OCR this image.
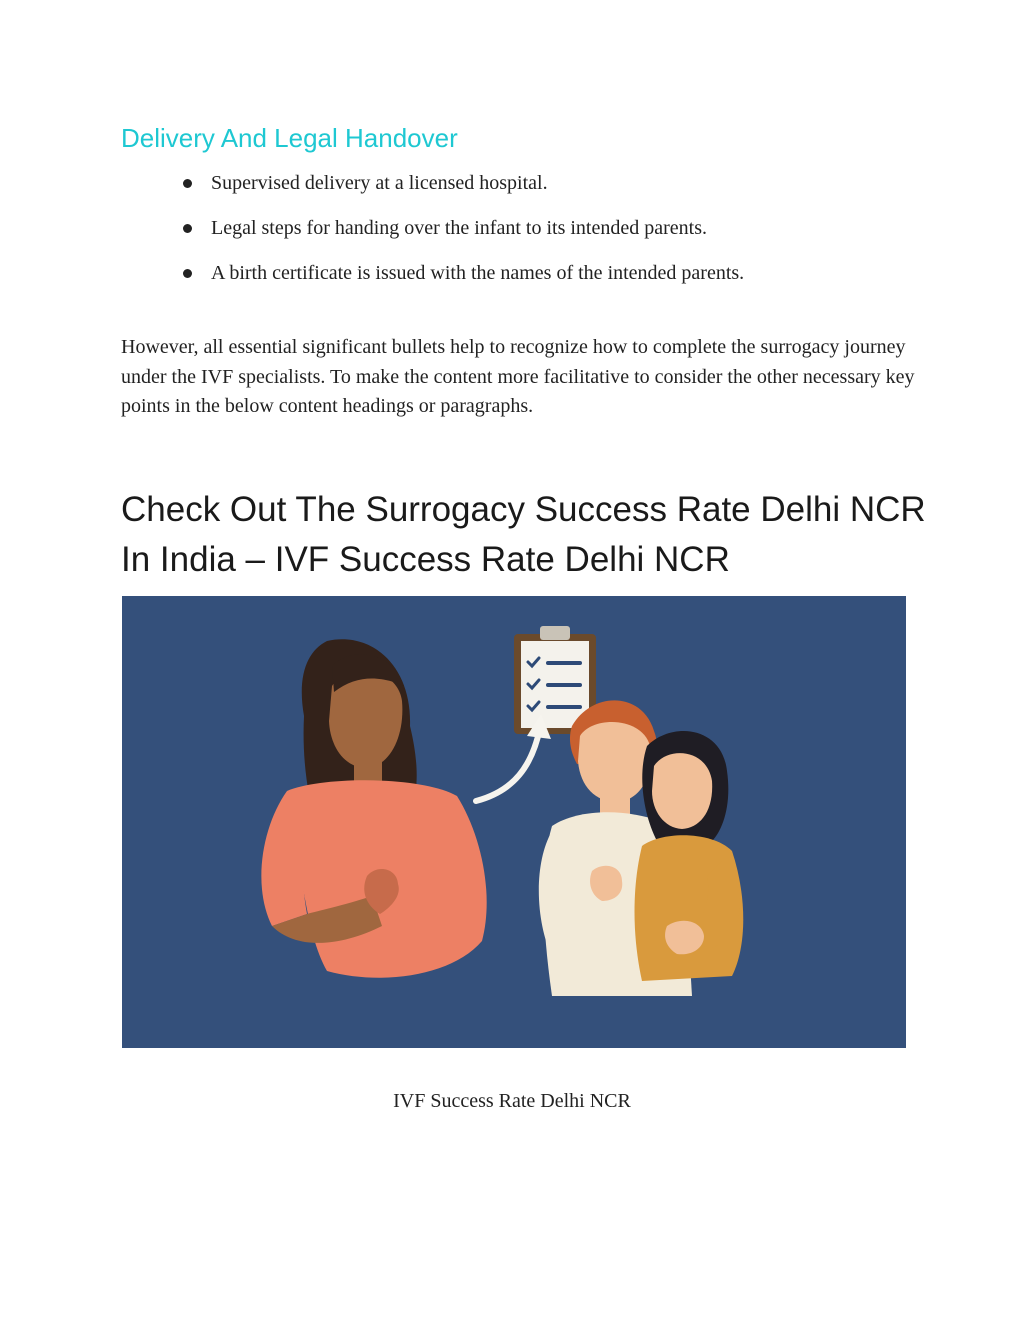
Delivery And Legal Handover
Supervised delivery at a licensed hospital.
Legal steps for handing over the infant to its intended parents.
A birth certificate is issued with the names of the intended parents.

However, all essential significant bullets help to recognize how to complete the surrogacy journey under the IVF specialists. To make the content more facilitative to consider the other necessary key points in the below content headings or paragraphs.

Check Out The Surrogacy Success Rate Delhi NCR In India – IVF Success Rate Delhi NCR

IVF Success Rate Delhi NCR
